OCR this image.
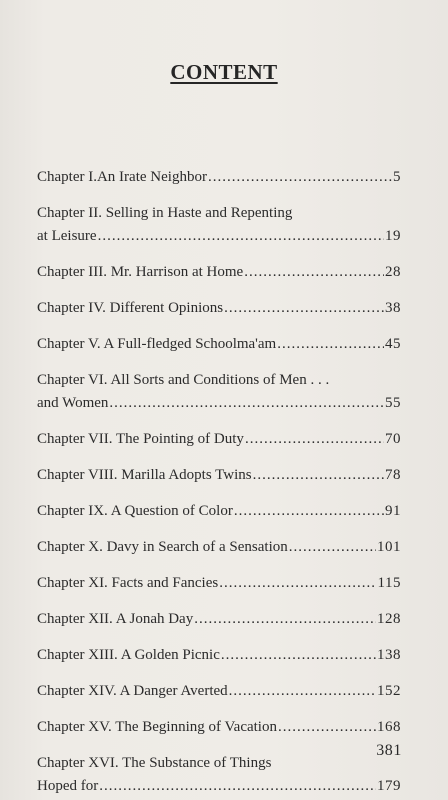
CONTENT
Chapter I.An Irate Neighbor .....	5
Chapter II. Selling in Haste and Repenting
at Leisure .....	19
Chapter III. Mr. Harrison at Home .....	28
Chapter IV. Different Opinions .....	38
Chapter V. A Full-fledged Schoolma'am .....	45
Chapter VI. All Sorts and Conditions of Men . . .
and Women .....	55
Chapter VII. The Pointing of Duty .....	70
Chapter VIII. Marilla Adopts Twins .....	78
Chapter IX. A Question of Color .....	91
Chapter X. Davy in Search of a Sensation .....	101
Chapter XI. Facts and Fancies .....	115
Chapter XII. A Jonah Day .....	128
Chapter XIII. A Golden Picnic .....	138
Chapter XIV. A Danger Averted .....	152
Chapter XV. The Beginning of Vacation .....	168
Chapter XVI. The Substance of Things
Hoped for .....	179
381
